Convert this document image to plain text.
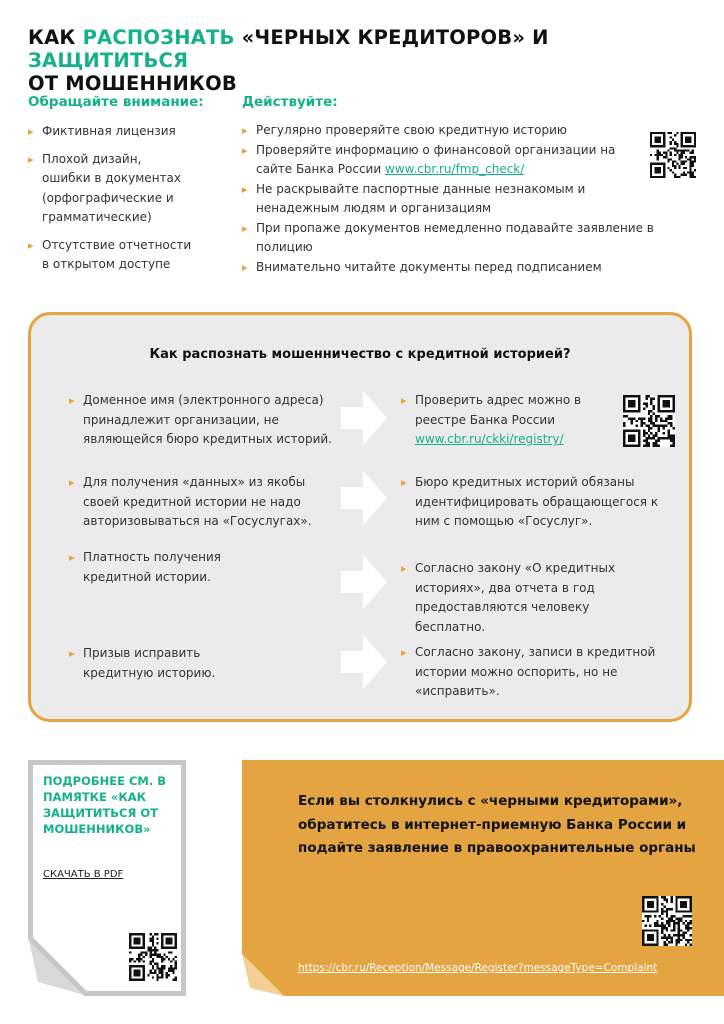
КАК РАСПОЗНАТЬ «ЧЕРНЫХ КРЕДИТОРОВ» И ЗАЩИТИТЬСЯ
ОТ МОШЕННИКОВ
Обращайте внимание:
▸ Фиктивная лицензия
▸ Плохой дизайн, ошибки в документах (орфографические и грамматические)
▸ Отсутствие отчетности в открытом доступе
Действуйте:
▸ Регулярно проверяйте свою кредитную историю
▸ Проверяйте информацию о финансовой организации на сайте Банка России www.cbr.ru/fmp_check/
▸ Не раскрывайте паспортные данные незнакомым и ненадежным людям и организациям
▸ При пропаже документов немедленно подавайте заявление в полицию
▸ Внимательно читайте документы перед подписанием
Как распознать мошенничество с кредитной историей?
▸ Доменное имя (электронного адреса) принадлежит организации, не являющейся бюро кредитных историй.
▸ Проверить адрес можно в реестре Банка России www.cbr.ru/ckki/registry/
▸ Для получения «данных» из якобы своей кредитной истории не надо авторизовываться на «Госуслугах».
▸ Бюро кредитных историй обязаны идентифицировать обращающегося к ним с помощью «Госуслуг».
▸ Платность получения кредитной истории.
▸ Согласно закону «О кредитных историях», два отчета в год предоставляются человеку бесплатно.
▸ Призыв исправить кредитную историю.
▸ Согласно закону, записи в кредитной истории можно оспорить, но не «исправить».

ПОДРОБНЕЕ СМ. В ПАМЯТКЕ «КАК ЗАЩИТИТЬСЯ ОТ МОШЕННИКОВ»

СКАЧАТЬ В PDF

Если вы столкнулись с «черными кредиторами», обратитесь в интернет-приемную Банка России и подайте заявление в правоохранительные органы

https://cbr.ru/Reception/Message/Register?messageType=Complaint
